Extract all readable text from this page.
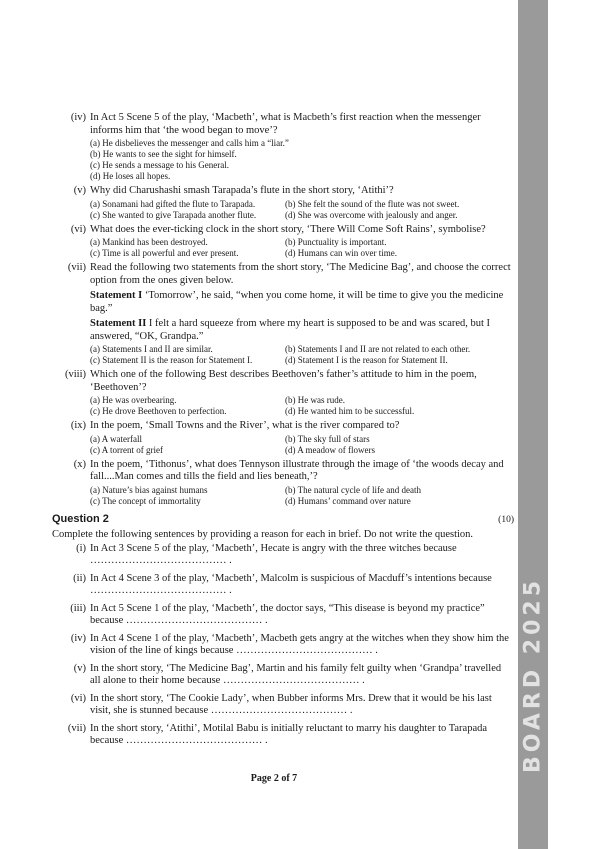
BOARD 2025
(iv) In Act 5 Scene 5 of the play, ‘Macbeth’, what is Macbeth’s first reaction when the messenger informs him that ‘the wood began to move’?
(a) He disbelieves the messenger and calls him a “liar.”
(b) He wants to see the sight for himself.
(c) He sends a message to his General.
(d) He loses all hopes.
(v) Why did Charushashi smash Tarapada’s flute in the short story, ‘Atithi’?
(a) Sonamani had gifted the flute to Tarapada.	(b) She felt the sound of the flute was not sweet.
(c) She wanted to give Tarapada another flute.	(d) She was overcome with jealously and anger.
(vi) What does the ever-ticking clock in the short story, ‘There Will Come Soft Rains’, symbolise?
(a) Mankind has been destroyed.	(b) Punctuality is important.
(c) Time is all powerful and ever present.	(d) Humans can win over time.
(vii) Read the following two statements from the short story, ‘The Medicine Bag’, and choose the correct option from the ones given below.
Statement I ‘Tomorrow’, he said, “when you come home, it will be time to give you the medicine bag.”
Statement II I felt a hard squeeze from where my heart is supposed to be and was scared, but I answered, “OK, Grandpa.”
(a) Statements I and II are similar.	(b) Statements I and II are not related to each other.
(c) Statement II is the reason for Statement I.	(d) Statement I is the reason for Statement II.
(viii) Which one of the following Best describes Beethoven’s father’s attitude to him in the poem, ‘Beethoven’?
(a) He was overbearing.	(b) He was rude.
(c) He drove Beethoven to perfection.	(d) He wanted him to be successful.
(ix) In the poem, ‘Small Towns and the River’, what is the river compared to?
(a) A waterfall	(b) The sky full of stars
(c) A torrent of grief	(d) A meadow of flowers
(x) In the poem, ‘Tithonus’, what does Tennyson illustrate through the image of ‘the woods decay and fall....Man comes and tills the field and lies beneath,’?
(a) Nature’s bias against humans	(b) The natural cycle of life and death
(c) The concept of immortality	(d) Humans’ command over nature
Question 2	(10)
Complete the following sentences by providing a reason for each in brief. Do not write the question.
(i) In Act 3 Scene 5 of the play, ‘Macbeth’, Hecate is angry with the three witches because ………………………………… .
(ii) In Act 4 Scene 3 of the play, ‘Macbeth’, Malcolm is suspicious of Macduff’s intentions because ………………………………… .
(iii) In Act 5 Scene 1 of the play, ‘Macbeth’, the doctor says, “This disease is beyond my practice” because ………………………………… .
(iv) In Act 4 Scene 1 of the play, ‘Macbeth’, Macbeth gets angry at the witches when they show him the vision of the line of kings because ………………………………… .
(v) In the short story, ‘The Medicine Bag’, Martin and his family felt guilty when ‘Grandpa’ travelled all alone to their home because ………………………………… .
(vi) In the short story, ‘The Cookie Lady’, when Bubber informs Mrs. Drew that it would be his last visit, she is stunned because ………………………………… .
(vii) In the short story, ‘Atithi’, Motilal Babu is initially reluctant to marry his daughter to Tarapada because ………………………………… .
Page 2 of 7
